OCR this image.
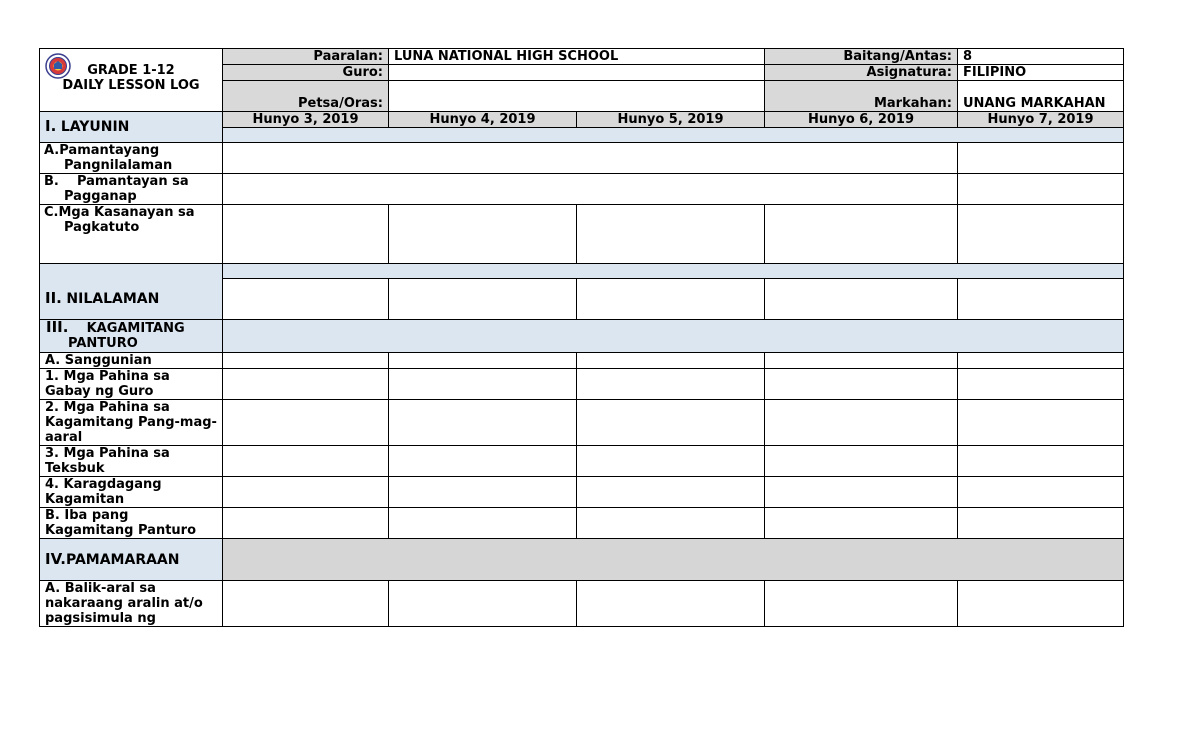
GRADE 1-12
DAILY LESSON LOG	Paaralan:	LUNA NATIONAL HIGH SCHOOL		Baitang/Antas:	8
	Guro:			Asignatura:	FILIPINO
	Petsa/Oras:			Markahan:	UNANG MARKAHAN
I. LAYUNIN	Hunyo 3, 2019	Hunyo 4, 2019	Hunyo 5, 2019	Hunyo 6, 2019	Hunyo 7, 2019

A.Pamantayang Pangnilalaman					
B. Pamantayan sa Pagganap					
C.Mga Kasanayan sa Pagkatuto					
II. NILALAMAN					

III. KAGAMITANG PANTURO					
A. Sanggunian					
1. Mga Pahina sa Gabay ng Guro					
2. Mga Pahina sa Kagamitang Pang-mag-aaral					
3. Mga Pahina sa Teksbuk					
4. Karagdagang Kagamitan					
B. Iba pang Kagamitang Panturo					
IV.PAMAMARAAN					
A. Balik-aral sa nakaraang aralin at/o pagsisimula ng					
